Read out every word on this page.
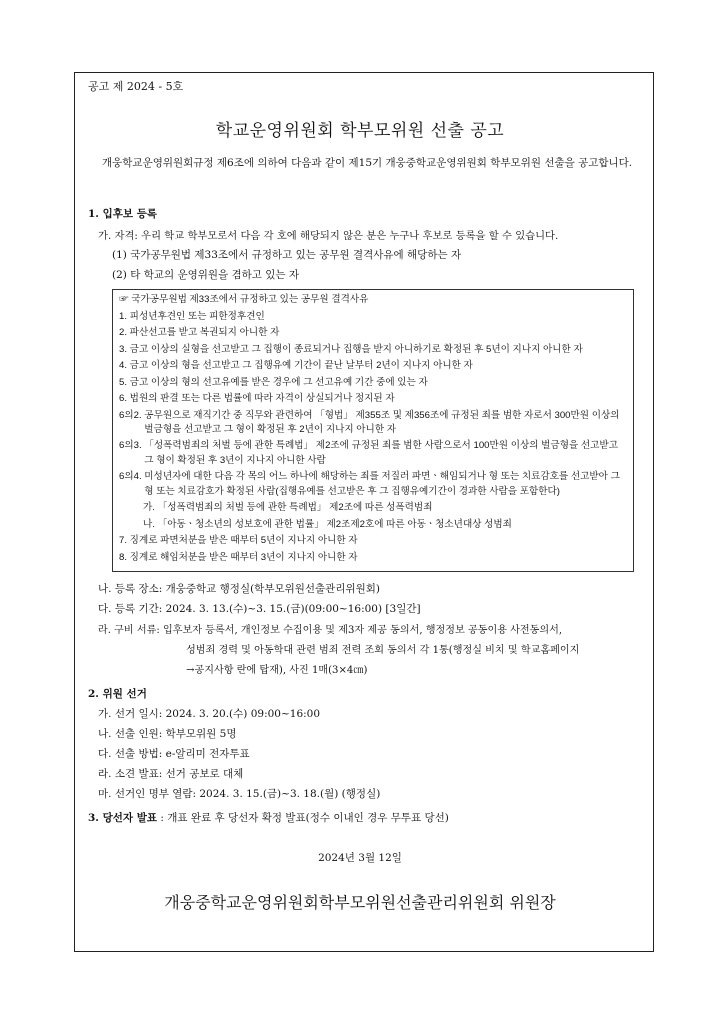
공고 제 2024 - 5호
학교운영위원회 학부모위원 선출 공고
개웅학교운영위원회규정 제6조에 의하여 다음과 같이 제15기 개웅중학교운영위원회 학부모위원 선출을 공고합니다.
1. 입후보 등록
가. 자격: 우리 학교 학부모로서 다음 각 호에 해당되지 않은 분은 누구나 후보로 등록을 할 수 있습니다.
(1) 국가공무원법 제33조에서 규정하고 있는 공무원 결격사유에 해당하는 자
(2) 타 학교의 운영위원을 겸하고 있는 자
☞ 국가공무원법 제33조에서 규정하고 있는 공무원 결격사유
1. 피성년후견인 또는 피한정후견인
2. 파산선고를 받고 복권되지 아니한 자
3. 금고 이상의 실형을 선고받고 그 집행이 종료되거나 집행을 받지 아니하기로 확정된 후 5년이 지나지 아니한 자
4. 금고 이상의 형을 선고받고 그 집행유예 기간이 끝난 날부터 2년이 지나지 아니한 자
5. 금고 이상의 형의 선고유예를 받은 경우에 그 선고유예 기간 중에 있는 자
6. 법원의 판결 또는 다른 법률에 따라 자격이 상실되거나 정지된 자
6의2. 공무원으로 재직기간 중 직무와 관련하여 「형법」 제355조 및 제356조에 규정된 죄를 범한 자로서 300만원 이상의 벌금형을 선고받고 그 형이 확정된 후 2년이 지나지 아니한 자
6의3. 「성폭력범죄의 처벌 등에 관한 특례법」 제2조에 규정된 죄를 범한 사람으로서 100만원 이상의 벌금형을 선고받고 그 형이 확정된 후 3년이 지나지 아니한 사람
6의4. 미성년자에 대한 다음 각 목의 어느 하나에 해당하는 죄를 저질러 파면ㆍ해임되거나 형 또는 치료감호를 선고받아 그 형 또는 치료감호가 확정된 사람(집행유예를 선고받은 후 그 집행유예기간이 경과한 사람을 포함한다)
가. 「성폭력범죄의 처벌 등에 관한 특례법」 제2조에 따른 성폭력범죄
나. 「아동ㆍ청소년의 성보호에 관한 법률」 제2조제2호에 따른 아동ㆍ청소년대상 성범죄
7. 징계로 파면처분을 받은 때부터 5년이 지나지 아니한 자
8. 징계로 해임처분을 받은 때부터 3년이 지나지 아니한 자
나. 등록 장소: 개웅중학교 행정실(학부모위원선출관리위원회)
다. 등록 기간: 2024. 3. 13.(수)~3. 15.(금)(09:00~16:00) [3일간]
라. 구비 서류: 입후보자 등록서, 개인정보 수집이용 및 제3자 제공 동의서, 행정정보 공동이용 사전동의서,
성범죄 경력 및 아동학대 관련 범죄 전력 조회 동의서 각 1통(행정실 비치 및 학교홈페이지
→공지사항 란에 탑재), 사진 1매(3×4㎝)
2. 위원 선거
가. 선거 일시: 2024. 3. 20.(수) 09:00~16:00
나. 선출 인원: 학부모위원 5명
다. 선출 방법: e-알리미 전자투표
라. 소견 발표: 선거 공보로 대체
마. 선거인 명부 열람: 2024. 3. 15.(금)~3. 18.(월) (행정실)
3. 당선자 발표 : 개표 완료 후 당선자 확정 발표(정수 이내인 경우 무투표 당선)
2024년 3월 12일
개웅중학교운영위원회학부모위원선출관리위원회 위원장
